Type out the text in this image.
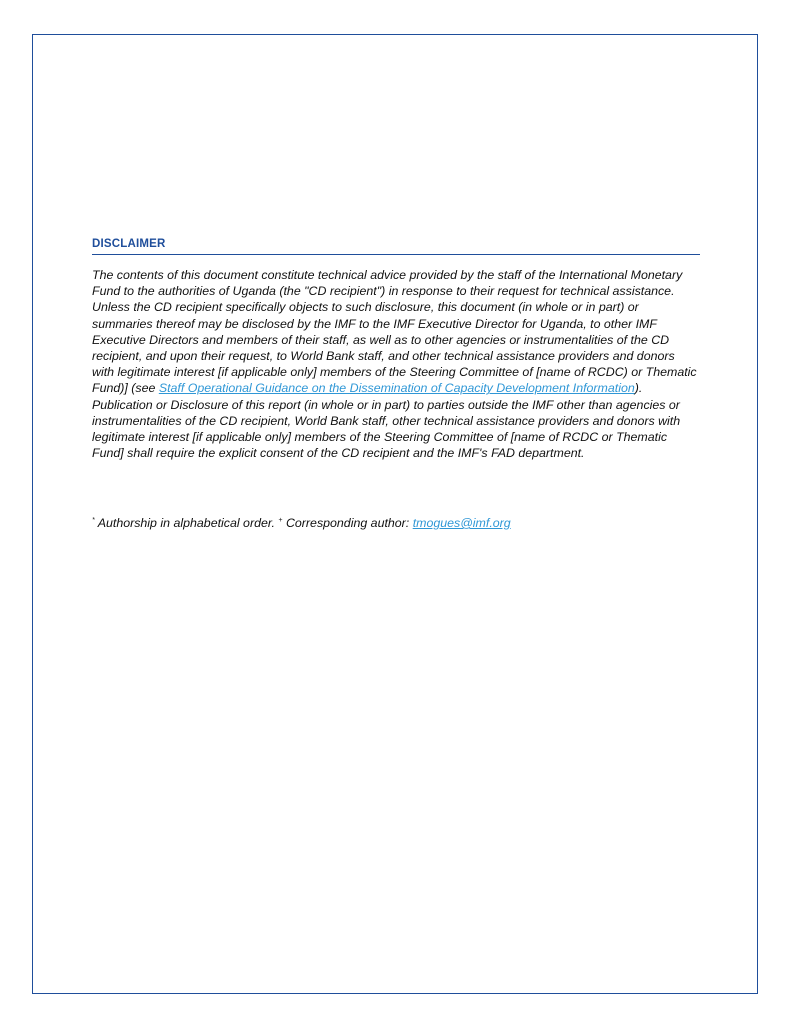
DISCLAIMER

The contents of this document constitute technical advice provided by the staff of the International Monetary Fund to the authorities of Uganda (the "CD recipient") in response to their request for technical assistance. Unless the CD recipient specifically objects to such disclosure, this document (in whole or in part) or summaries thereof may be disclosed by the IMF to the IMF Executive Director for Uganda, to other IMF Executive Directors and members of their staff, as well as to other agencies or instrumentalities of the CD recipient, and upon their request, to World Bank staff, and other technical assistance providers and donors with legitimate interest [if applicable only] members of the Steering Committee of [name of RCDC) or Thematic Fund)] (see Staff Operational Guidance on the Dissemination of Capacity Development Information). Publication or Disclosure of this report (in whole or in part) to parties outside the IMF other than agencies or instrumentalities of the CD recipient, World Bank staff, other technical assistance providers and donors with legitimate interest [if applicable only] members of the Steering Committee of [name of RCDC or Thematic Fund] shall require the explicit consent of the CD recipient and the IMF's FAD department.

* Authorship in alphabetical order. + Corresponding author: tmogues@imf.org
